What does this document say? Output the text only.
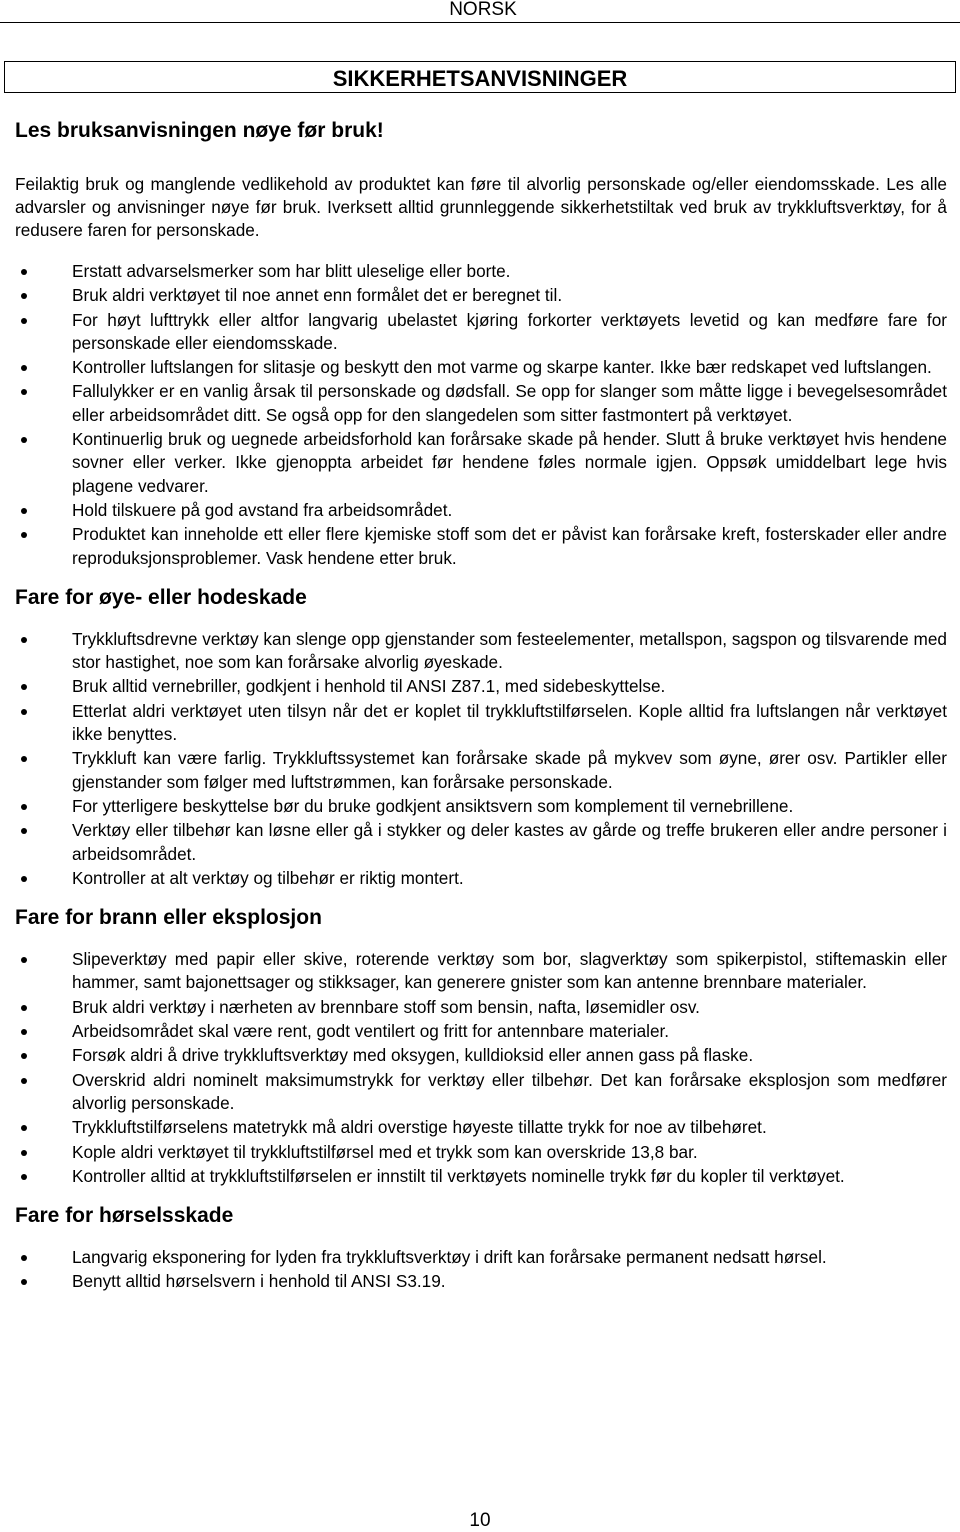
NORSK
SIKKERHETSANVISNINGER
Les bruksanvisningen nøye før bruk!

Feilaktig bruk og manglende vedlikehold av produktet kan føre til alvorlig personskade og/eller eiendomsskade. Les alle advarsler og anvisninger nøye før bruk. Iverksett alltid grunnleggende sikkerhetstiltak ved bruk av trykkluftsverktøy, for å redusere faren for personskade.

Erstatt advarselsmerker som har blitt uleselige eller borte.
Bruk aldri verktøyet til noe annet enn formålet det er beregnet til.
For høyt lufttrykk eller altfor langvarig ubelastet kjøring forkorter verktøyets levetid og kan medføre fare for personskade eller eiendomsskade.
Kontroller luftslangen for slitasje og beskytt den mot varme og skarpe kanter. Ikke bær redskapet ved luftslangen.
Fallulykker er en vanlig årsak til personskade og dødsfall. Se opp for slanger som måtte ligge i bevegelsesområdet eller arbeidsområdet ditt. Se også opp for den slangedelen som sitter fastmontert på verktøyet.
Kontinuerlig bruk og uegnede arbeidsforhold kan forårsake skade på hender. Slutt å bruke verktøyet hvis hendene sovner eller verker. Ikke gjenoppta arbeidet før hendene føles normale igjen. Oppsøk umiddelbart lege hvis plagene vedvarer.
Hold tilskuere på god avstand fra arbeidsområdet.
Produktet kan inneholde ett eller flere kjemiske stoff som det er påvist kan forårsake kreft, fosterskader eller andre reproduksjonsproblemer. Vask hendene etter bruk.
Fare for øye- eller hodeskade
Trykkluftsdrevne verktøy kan slenge opp gjenstander som festeelementer, metallspon, sagspon og tilsvarende med stor hastighet, noe som kan forårsake alvorlig øyeskade.
Bruk alltid vernebriller, godkjent i henhold til ANSI Z87.1, med sidebeskyttelse.
Etterlat aldri verktøyet uten tilsyn når det er koplet til trykkluftstilførselen. Kople alltid fra luftslangen når verktøyet ikke benyttes.
Trykkluft kan være farlig. Trykkluftssystemet kan forårsake skade på mykvev som øyne, ører osv. Partikler eller gjenstander som følger med luftstrømmen, kan forårsake personskade.
For ytterligere beskyttelse bør du bruke godkjent ansiktsvern som komplement til vernebrillene.
Verktøy eller tilbehør kan løsne eller gå i stykker og deler kastes av gårde og treffe brukeren eller andre personer i arbeidsområdet.
Kontroller at alt verktøy og tilbehør er riktig montert.
Fare for brann eller eksplosjon
Slipeverktøy med papir eller skive, roterende verktøy som bor, slagverktøy som spikerpistol, stiftemaskin eller hammer, samt bajonettsager og stikksager, kan generere gnister som kan antenne brennbare materialer.
Bruk aldri verktøy i nærheten av brennbare stoff som bensin, nafta, løsemidler osv.
Arbeidsområdet skal være rent, godt ventilert og fritt for antennbare materialer.
Forsøk aldri å drive trykkluftsverktøy med oksygen, kulldioksid eller annen gass på flaske.
Overskrid aldri nominelt maksimumstrykk for verktøy eller tilbehør. Det kan forårsake eksplosjon som medfører alvorlig personskade.
Trykkluftstilførselens matetrykk må aldri overstige høyeste tillatte trykk for noe av tilbehøret.
Kople aldri verktøyet til trykkluftstilførsel med et trykk som kan overskride 13,8 bar.
Kontroller alltid at trykkluftstilførselen er innstilt til verktøyets nominelle trykk før du kopler til verktøyet.
Fare for hørselsskade
Langvarig eksponering for lyden fra trykkluftsverktøy i drift kan forårsake permanent nedsatt hørsel.
Benytt alltid hørselsvern i henhold til ANSI S3.19.
10
